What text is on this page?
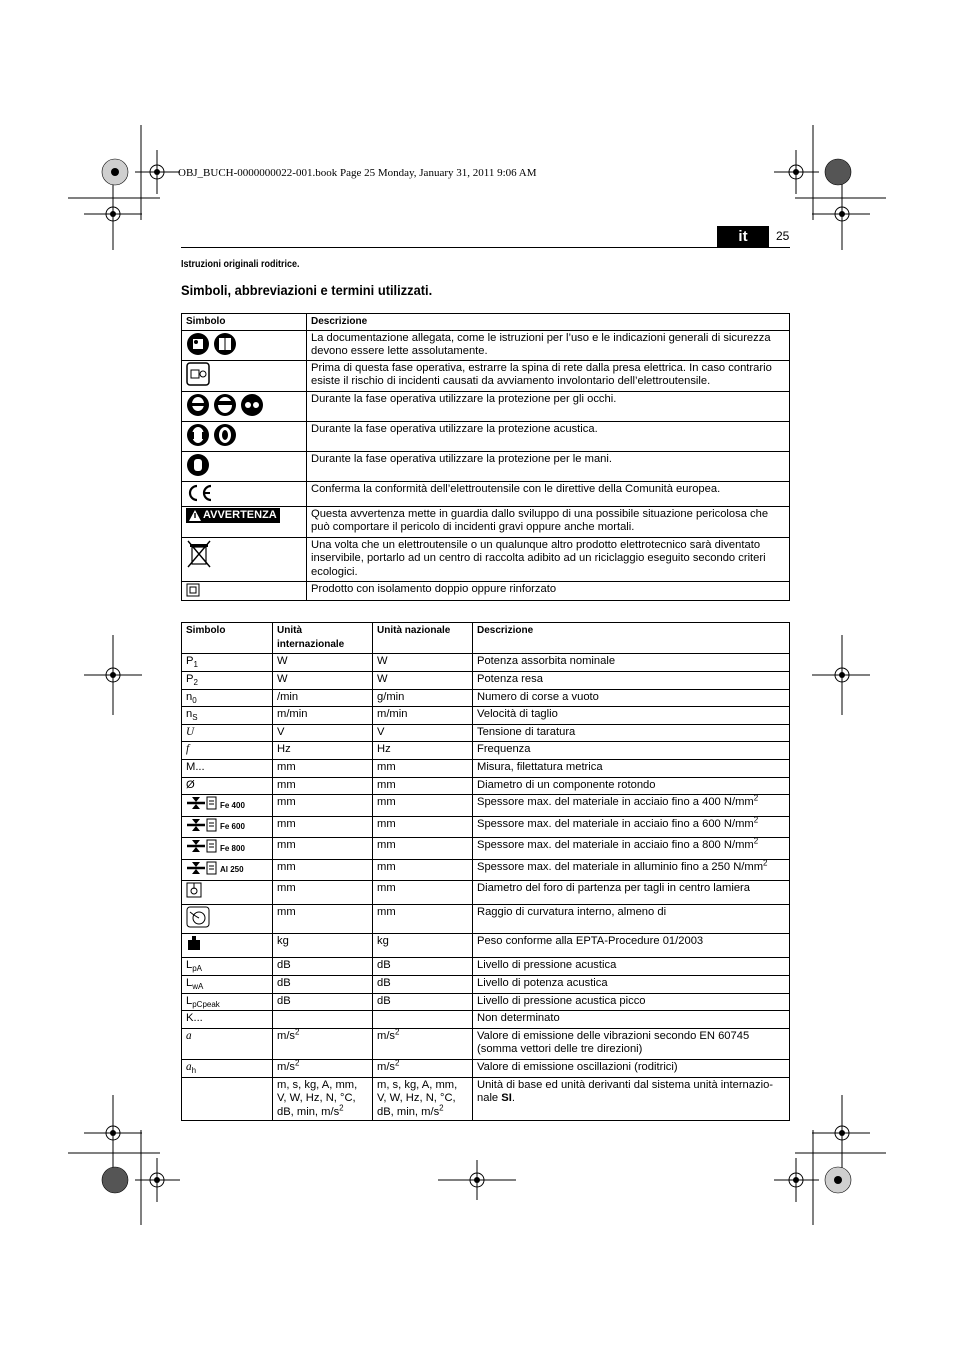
OBJ_BUCH-0000000022-001.book Page 25 Monday, January 31, 2011 9:06 AM
it	25
Istruzioni originali roditrice.
Simboli, abbreviazioni e termini utilizzati.
Simbolo	Descrizione

	La documentazione allegata, come le istruzioni per l’uso e le indicazioni generali di sicurezza devono essere lette assolutamente.

	Prima di questa fase operativa, estrarre la spina di rete dalla presa elettrica. In caso contrario esiste il rischio di incidenti causati da avviamento involontario dell’elettroutensile.

	Durante la fase operativa utilizzare la protezione per gli occhi.

	Durante la fase operativa utilizzare la protezione acustica.

	Durante la fase operativa utilizzare la protezione per le mani.

	Conferma la conformità dell’elettroutensile con le direttive della Comunità europea.

AVVERTENZA	Questa avvertenza mette in guardia dallo sviluppo di una possibile situazione pericolosa che può comportare il pericolo di incidenti gravi oppure anche mortali.

	Una volta che un elettroutensile o un qualunque altro prodotto elettrotecnico sarà diventato inservibile, portarlo ad un centro di raccolta adibito ad un riciclaggio eseguito secondo criteri ecologici.

	Prodotto con isolamento doppio oppure rinforzato
Simbolo	Unità internazionale	Unità nazionale	Descrizione
$P_1$	W	W	Potenza assorbita nominale
$P_2$	W	W	Potenza resa
$n_0$	/min	g/min	Numero di corse a vuoto
$n_S$	m/min	m/min	Velocità di taglio
U	V	V	Tensione di taratura
f	Hz	Hz	Frequenza
M...	mm	mm	Misura, filettatura metrica
Ø	mm	mm	Diametro di un componente rotondo

Fe 400	mm	mm	Spessore max. del materiale in acciaio fino a 400 $N/mm^2$

Fe 600	mm	mm	Spessore max. del materiale in acciaio fino a 600 $N/mm^2$

Fe 800	mm	mm	Spessore max. del materiale in acciaio fino a 800 $N/mm^2$

Al 250	mm	mm	Spessore max. del materiale in alluminio fino a 250 $N/mm^2$

	mm	mm	Diametro del foro di partenza per tagli in centro lamiera

	mm	mm	Raggio di curvatura interno, almeno di

	kg	kg	Peso conforme alla EPTA-Procedure 01/2003
$L_{pA}$	dB	dB	Livello di pressione acustica
$L_{wA}$	dB	dB	Livello di potenza acustica
$L_{pCpeak}$	dB	dB	Livello di pressione acustica picco
K...			Non determinato
a	$m/s^2$	$m/s^2$	Valore di emissione delle vibrazioni secondo EN 60745 (somma vettori delle tre direzioni)
$a_h$	$m/s^2$	$m/s^2$	Valore di emissione oscillazioni (roditrici)
	m, s, kg, A, mm, V, W, Hz, N, °C, dB, min, $m/s^2$	m, s, kg, A, mm, V, W, Hz, N, °C, dB, min, $m/s^2$	Unità di base ed unità derivanti dal sistema unità internazio-nale SI.
